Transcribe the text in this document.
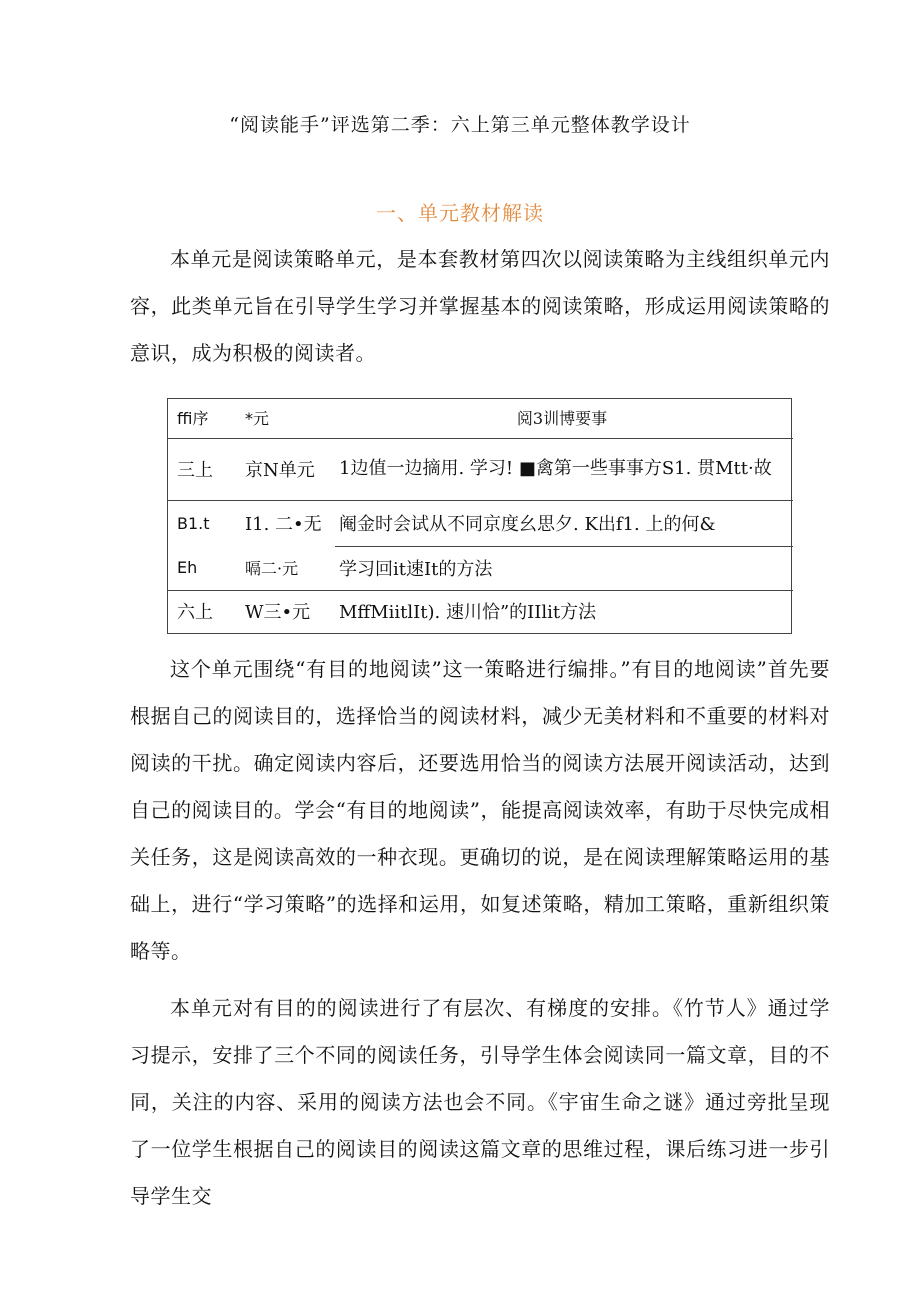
“阅读能手”评选第二季：六上第三单元整体教学设计
一、单元教材解读

本单元是阅读策略单元，是本套教材第四次以阅读策略为主线组织单元内容，此类单元旨在引导学生学习并掌握基本的阅读策略，形成运用阅读策略的意识，成为积极的阅读者。

ffi序	*元	阅3训博要事
三上	京N单元	1边值一边摘用. 学习! ■禽第一些事事方S1. 贯Mtt·故
B1.t	I1. 二•无	阉金时会试从不同京度幺思夕. K出f1. 上的何&
Eh	嗝二·元	学习回it速It的方法
六上	W三•元	MffMiitlIt). 速川恰”的IIlit方法

这个单元围绕“有目的地阅读”这一策略进行编排。”有目的地阅读”首先要根据自己的阅读目的，选择恰当的阅读材料，减少无美材料和不重要的材料对阅读的干扰。确定阅读内容后，还要选用恰当的阅读方法展开阅读活动，达到自己的阅读目的。学会“有目的地阅读”，能提高阅读效率，有助于尽快完成相关任务，这是阅读高效的一种衣现。更确切的说，是在阅读理解策略运用的基础上，进行“学习策略”的选择和运用，如复述策略，精加工策略，重新组织策略等。

本单元对有目的的阅读进行了有层次、有梯度的安排。《竹节人》通过学习提示，安排了三个不同的阅读任务，引导学生体会阅读同一篇文章，目的不同，关注的内容、采用的阅读方法也会不同。《宇宙生命之谜》通过旁批呈现了一位学生根据自己的阅读目的阅读这篇文章的思维过程，课后练习进一步引导学生交
